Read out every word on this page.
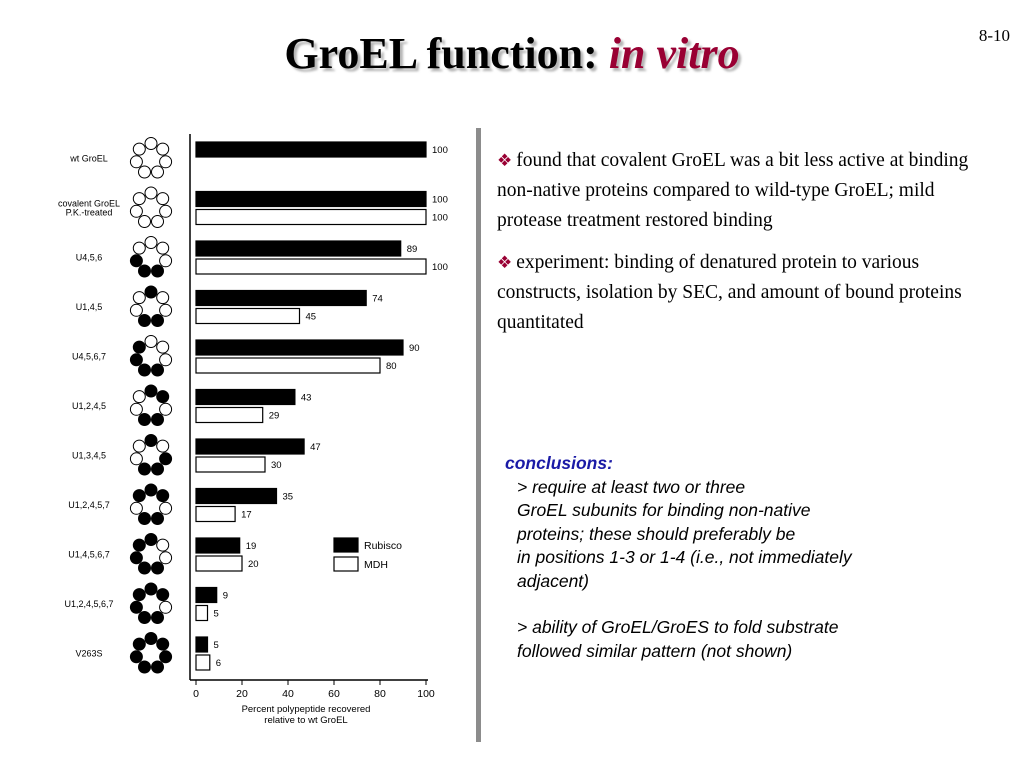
8-10
GroEL function: in vitro
0	20	40	60	80	100
Percent polypeptide recovered
relative to wt GroEL
wt GroEL
100
covalent GroEL
P.K.-treated
100
100
U4,5,6
89
100
U1,4,5
74
45
U4,5,6,7
90
80
U1,2,4,5
43
29
U1,3,4,5
47
30
U1,2,4,5,7
35
17
U1,4,5,6,7
19
20
U1,2,4,5,6,7
9
5
V263S
5
6
Rubisco
MDH
❖ found that covalent GroEL was a bit less active at binding non-native proteins compared to wild-type GroEL; mild protease treatment restored binding
❖ experiment: binding of denatured protein to various constructs, isolation by SEC, and amount of bound proteins quantitated
conclusions:
> require at least two or three
GroEL subunits for binding non-native
proteins; these should preferably be
in positions 1-3 or 1-4 (i.e., not immediately
adjacent)
> ability of GroEL/GroES to fold substrate
followed similar pattern (not shown)
